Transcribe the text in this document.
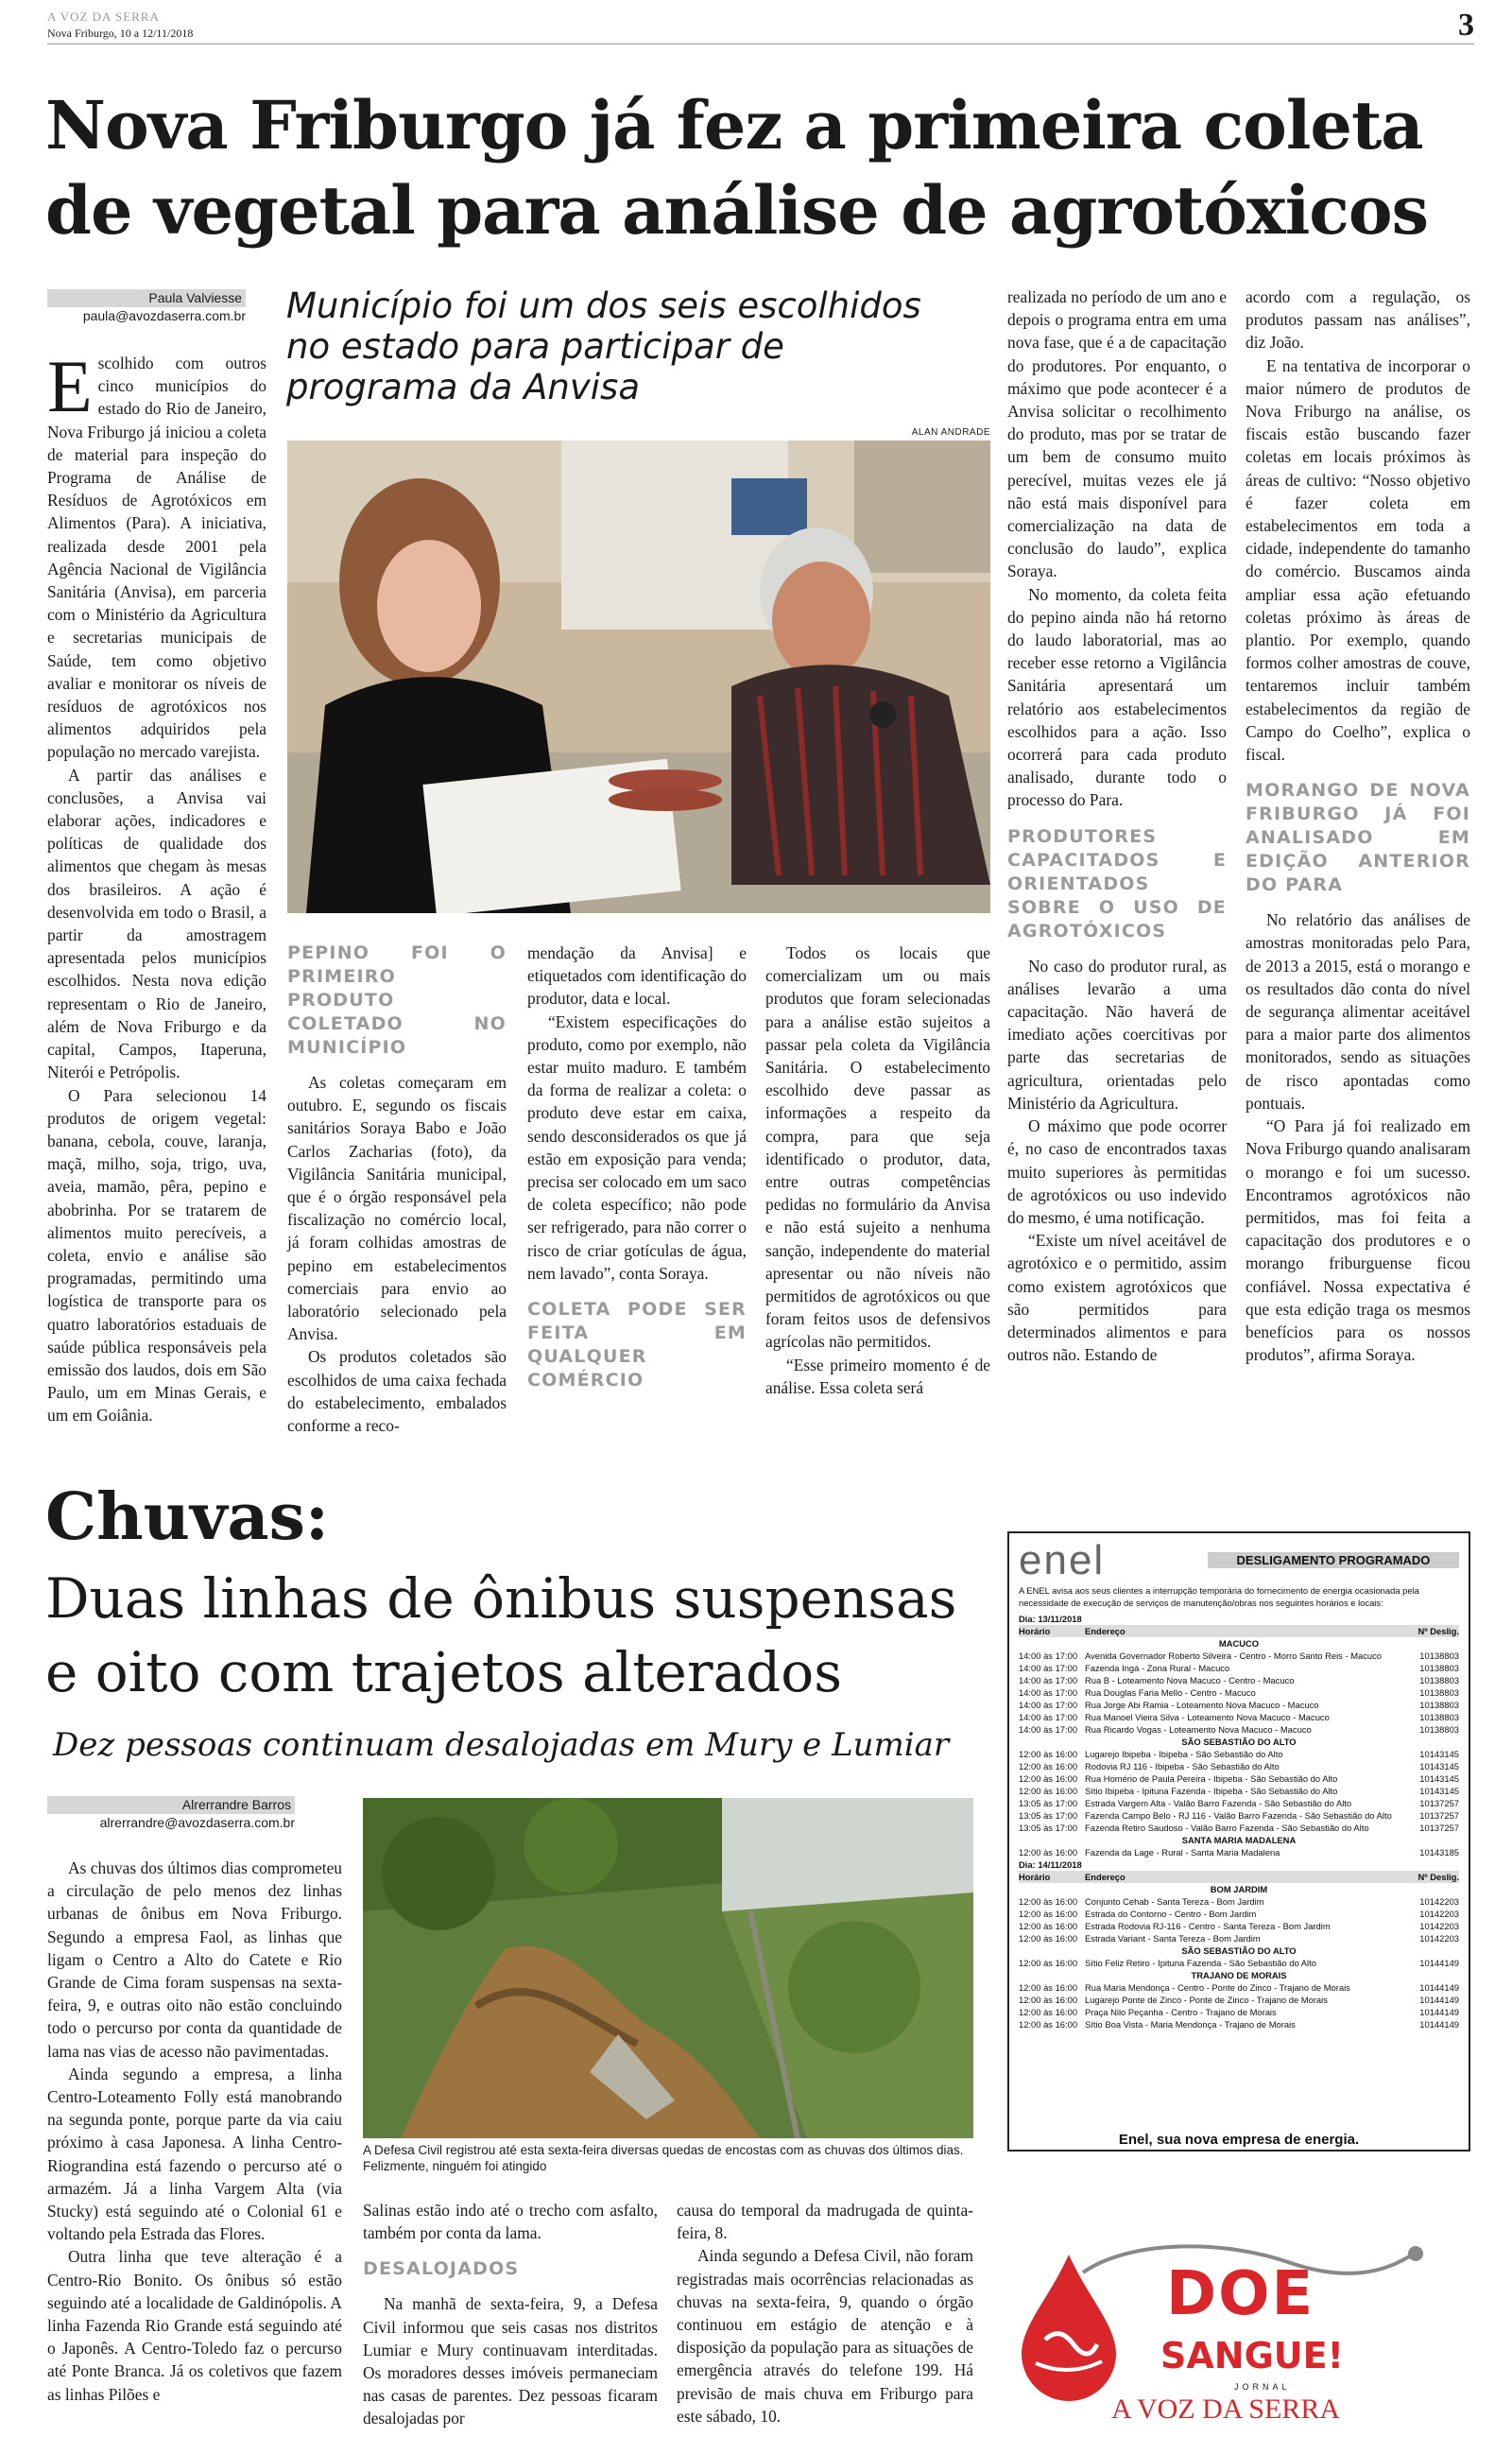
A VOZ DA SERRA
Nova Friburgo, 10 a 12/11/2018	3
Nova Friburgo já fez a primeira coleta
de vegetal para análise de agrotóxicos
Paula Valviesse
paula@avozdaserra.com.br

Escolhido com outros cinco municípios do estado do Rio de Janeiro, Nova Friburgo já iniciou a coleta de material para inspeção do Programa de Análise de Resíduos de Agrotóxicos em Alimentos (Para). A iniciativa, realizada desde 2001 pela Agência Nacional de Vigilância Sanitária (Anvisa), em parceria com o Ministério da Agricultura e secretarias municipais de Saúde, tem como objetivo avaliar e monitorar os níveis de resíduos de agrotóxicos nos alimentos adquiridos pela população no mercado varejista.

A partir das análises e conclusões, a Anvisa vai elaborar ações, indicadores e políticas de qualidade dos alimentos que chegam às mesas dos brasileiros. A ação é desenvolvida em todo o Brasil, a partir da amostragem apresentada pelos municípios escolhidos. Nesta nova edição representam o Rio de Janeiro, além de Nova Friburgo e da capital, Campos, Itaperuna, Niterói e Petrópolis.

O Para selecionou 14 produtos de origem vegetal: banana, cebola, couve, laranja, maçã, milho, soja, trigo, uva, aveia, mamão, pêra, pepino e abobrinha. Por se tratarem de alimentos muito perecíveis, a coleta, envio e análise são programadas, permitindo uma logística de transporte para os quatro laboratórios estaduais de saúde pública responsáveis pela emissão dos laudos, dois em São Paulo, um em Minas Gerais, e um em Goiânia.

Município foi um dos seis escolhidos no estado para participar de programa da Anvisa
ALAN ANDRADE
PEPINO FOI O PRIMEIRO PRODUTO COLETADO NO MUNICÍPIO

As coletas começaram em outubro. E, segundo os fiscais sanitários Soraya Babo e João Carlos Zacharias (foto), da Vigilância Sanitária municipal, que é o órgão responsável pela fiscalização no comércio local, já foram colhidas amostras de pepino em estabelecimentos comerciais para envio ao laboratório selecionado pela Anvisa.

Os produtos coletados são escolhidos de uma caixa fechada do estabelecimento, embalados conforme a reco-

mendação da Anvisa] e etiquetados com identificação do produtor, data e local.

“Existem especificações do produto, como por exemplo, não estar muito maduro. E também da forma de realizar a coleta: o produto deve estar em caixa, sendo desconsiderados os que já estão em exposição para venda; precisa ser colocado em um saco de coleta específico; não pode ser refrigerado, para não correr o risco de criar gotículas de água, nem lavado”, conta Soraya.

COLETA PODE SER FEITA EM QUALQUER COMÉRCIO

Todos os locais que comercializam um ou mais produtos que foram selecionadas para a análise estão sujeitos a passar pela coleta da Vigilância Sanitária. O estabelecimento escolhido deve passar as informações a respeito da compra, para que seja identificado o produtor, data, entre outras competências pedidas no formulário da Anvisa e não está sujeito a nenhuma sanção, independente do material apresentar ou não níveis não permitidos de agrotóxicos ou que foram feitos usos de defensivos agrícolas não permitidos.

“Esse primeiro momento é de análise. Essa coleta será

realizada no período de um ano e depois o programa entra em uma nova fase, que é a de capacitação do produtores. Por enquanto, o máximo que pode acontecer é a Anvisa solicitar o recolhimento do produto, mas por se tratar de um bem de consumo muito perecível, muitas vezes ele já não está mais disponível para comercialização na data de conclusão do laudo”, explica Soraya.

No momento, da coleta feita do pepino ainda não há retorno do laudo laboratorial, mas ao receber esse retorno a Vigilância Sanitária apresentará um relatório aos estabelecimentos escolhidos para a ação. Isso ocorrerá para cada produto analisado, durante todo o processo do Para.

PRODUTORES CAPACITADOS E ORIENTADOS SOBRE O USO DE AGROTÓXICOS

No caso do produtor rural, as análises levarão a uma capacitação. Não haverá de imediato ações coercitivas por parte das secretarias de agricultura, orientadas pelo Ministério da Agricultura.

O máximo que pode ocorrer é, no caso de encontrados taxas muito superiores às permitidas de agrotóxicos ou uso indevido do mesmo, é uma notificação.

“Existe um nível aceitável de agrotóxico e o permitido, assim como existem agrotóxicos que são permitidos para determinados alimentos e para outros não. Estando de

acordo com a regulação, os produtos passam nas análises”, diz João.

E na tentativa de incorporar o maior número de produtos de Nova Friburgo na análise, os fiscais estão buscando fazer coletas em locais próximos às áreas de cultivo: “Nosso objetivo é fazer coleta em estabelecimentos em toda a cidade, independente do tamanho do comércio. Buscamos ainda ampliar essa ação efetuando coletas próximo às áreas de plantio. Por exemplo, quando formos colher amostras de couve, tentaremos incluir também estabelecimentos da região de Campo do Coelho”, explica o fiscal.

MORANGO DE NOVA FRIBURGO JÁ FOI ANALISADO EM EDIÇÃO ANTERIOR DO PARA

No relatório das análises de amostras monitoradas pelo Para, de 2013 a 2015, está o morango e os resultados dão conta do nível de segurança alimentar aceitável para a maior parte dos alimentos monitorados, sendo as situações de risco apontadas como pontuais.

“O Para já foi realizado em Nova Friburgo quando analisaram o morango e foi um sucesso. Encontramos agrotóxicos não permitidos, mas foi feita a capacitação dos produtores e o morango friburguense ficou confiável. Nossa expectativa é que esta edição traga os mesmos benefícios para os nossos produtos”, afirma Soraya.

Chuvas:
Duas linhas de ônibus suspensas
e oito com trajetos alterados
Dez pessoas continuam desalojadas em Mury e Lumiar
Alrerrandre Barros
alrerrandre@avozdaserra.com.br

As chuvas dos últimos dias comprometeu a circulação de pelo menos dez linhas urbanas de ônibus em Nova Friburgo. Segundo a empresa Faol, as linhas que ligam o Centro a Alto do Catete e Rio Grande de Cima foram suspensas na sexta-feira, 9, e outras oito não estão concluindo todo o percurso por conta da quantidade de lama nas vias de acesso não pavimentadas.

Ainda segundo a empresa, a linha Centro-Loteamento Folly está manobrando na segunda ponte, porque parte da via caiu próximo à casa Japonesa. A linha Centro-Riograndina está fazendo o percurso até o armazém. Já a linha Vargem Alta (via Stucky) está seguindo até o Colonial 61 e voltando pela Estrada das Flores.

Outra linha que teve alteração é a Centro-Rio Bonito. Os ônibus só estão seguindo até a localidade de Galdinópolis. A linha Fazenda Rio Grande está seguindo até o Japonês. A Centro-Toledo faz o percurso até Ponte Branca. Já os coletivos que fazem as linhas Pilões e

A Defesa Civil registrou até esta sexta-feira diversas quedas de encostas com as chuvas dos últimos dias. Felizmente, ninguém foi atingido

Salinas estão indo até o trecho com asfalto, também por conta da lama.

DESALOJADOS

Na manhã de sexta-feira, 9, a Defesa Civil informou que seis casas nos distritos Lumiar e Mury continuavam interditadas. Os moradores desses imóveis permaneciam nas casas de parentes. Dez pessoas ficaram desalojadas por

causa do temporal da madrugada de quinta-feira, 8.

Ainda segundo a Defesa Civil, não foram registradas mais ocorrências relacionadas as chuvas na sexta-feira, 9, quando o órgão continuou em estágio de atenção e à disposição da população para as situações de emergência através do telefone 199. Há previsão de mais chuva em Friburgo para este sábado, 10.

enel	DESLIGAMENTO PROGRAMADO
A ENEL avisa aos seus clientes a interrupção temporária do fornecimento de energia ocasionada pela necessidade de execução de serviços de manutenção/obras nos seguintes horários e locais:
Dia: 13/11/2018
Horário	Endereço	Nº Deslig.
MACUCO
14:00 às 17:00 Avenida Governador Roberto Silveira - Centro - Morro Santo Reis - Macuco	10138803
14:00 às 17:00 Fazenda Ingá - Zona Rural - Macuco	10138803
14:00 às 17:00 Rua B - Loteamento Nova Macuco - Centro - Macuco	10138803
14:00 às 17:00 Rua Douglas Faria Mello - Centro - Macuco	10138803
14:00 às 17:00 Rua Jorge Abi Ramia - Loteamento Nova Macuco - Macuco	10138803
14:00 às 17:00 Rua Manoel Vieira Silva - Loteamento Nova Macuco - Macuco	10138803
14:00 às 17:00 Rua Ricardo Vogas - Loteamento Nova Macuco - Macuco	10138803
SÃO SEBASTIÃO DO ALTO
12:00 às 16:00 Lugarejo Ibipeba - Ibipeba - São Sebastião do Alto	10143145
12:00 às 16:00 Rodovia RJ 116 - Ibipeba - São Sebastião do Alto	10143145
12:00 às 16:00 Rua Homério de Paula Pereira - Ibipeba - São Sebastião do Alto	10143145
12:00 às 16:00 Sítio Ibipeba - Ipituna Fazenda - Ibipeba - São Sebastião do Alto	10143145
13:05 às 17:00 Estrada Vargem Alta - Valão Barro Fazenda - São Sebastião do Alto	10137257
13:05 às 17:00 Fazenda Campo Belo - RJ 116 - Valão Barro Fazenda - São Sebastião do Alto	10137257
13:05 às 17:00 Fazenda Retiro Saudoso - Valão Barro Fazenda - São Sebastião do Alto	10137257
SANTA MARIA MADALENA
12:00 às 16:00 Fazenda da Lage - Rural - Santa Maria Madalena	10143185
Dia: 14/11/2018
Horário	Endereço	Nº Deslig.
BOM JARDIM
12:00 às 16:00 Conjunto Cehab - Santa Tereza - Bom Jardim	10142203
12:00 às 16:00 Estrada do Contorno - Centro - Bom Jardim	10142203
12:00 às 16:00 Estrada Rodovia RJ-116 - Centro - Santa Tereza - Bom Jardim	10142203
12:00 às 16:00 Estrada Variant - Santa Tereza - Bom Jardim	10142203
SÃO SEBASTIÃO DO ALTO
12:00 às 16:00 Sítio Feliz Retiro - Ipituna Fazenda - São Sebastião do Alto	10144149
TRAJANO DE MORAIS
12:00 às 16:00 Rua Maria Mendonça - Centro - Ponte do Zinco - Trajano de Morais	10144149
12:00 às 16:00 Lugarejo Ponte de Zinco - Ponte de Zinco - Trajano de Morais	10144149
12:00 às 16:00 Praça Nilo Peçanha - Centro - Trajano de Morais	10144149
12:00 às 16:00 Sítio Boa Vista - Maria Mendonça - Trajano de Morais	10144149
Enel, sua nova empresa de energia.
DOE
SANGUE!
JORNAL
A VOZ DA SERRA
